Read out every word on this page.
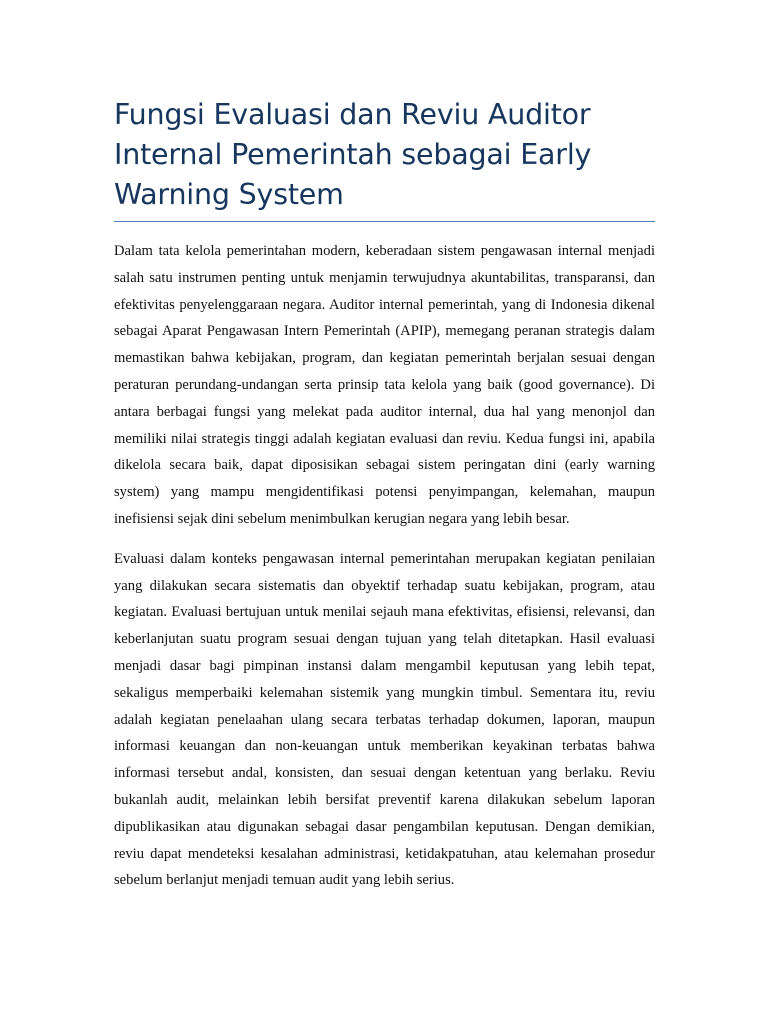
Fungsi Evaluasi dan Reviu Auditor Internal Pemerintah sebagai Early Warning System

Dalam tata kelola pemerintahan modern, keberadaan sistem pengawasan internal menjadi salah satu instrumen penting untuk menjamin terwujudnya akuntabilitas, transparansi, dan efektivitas penyelenggaraan negara. Auditor internal pemerintah, yang di Indonesia dikenal sebagai Aparat Pengawasan Intern Pemerintah (APIP), memegang peranan strategis dalam memastikan bahwa kebijakan, program, dan kegiatan pemerintah berjalan sesuai dengan peraturan perundang-undangan serta prinsip tata kelola yang baik (good governance). Di antara berbagai fungsi yang melekat pada auditor internal, dua hal yang menonjol dan memiliki nilai strategis tinggi adalah kegiatan evaluasi dan reviu. Kedua fungsi ini, apabila dikelola secara baik, dapat diposisikan sebagai sistem peringatan dini (early warning system) yang mampu mengidentifikasi potensi penyimpangan, kelemahan, maupun inefisiensi sejak dini sebelum menimbulkan kerugian negara yang lebih besar.

Evaluasi dalam konteks pengawasan internal pemerintahan merupakan kegiatan penilaian yang dilakukan secara sistematis dan obyektif terhadap suatu kebijakan, program, atau kegiatan. Evaluasi bertujuan untuk menilai sejauh mana efektivitas, efisiensi, relevansi, dan keberlanjutan suatu program sesuai dengan tujuan yang telah ditetapkan. Hasil evaluasi menjadi dasar bagi pimpinan instansi dalam mengambil keputusan yang lebih tepat, sekaligus memperbaiki kelemahan sistemik yang mungkin timbul. Sementara itu, reviu adalah kegiatan penelaahan ulang secara terbatas terhadap dokumen, laporan, maupun informasi keuangan dan non-keuangan untuk memberikan keyakinan terbatas bahwa informasi tersebut andal, konsisten, dan sesuai dengan ketentuan yang berlaku. Reviu bukanlah audit, melainkan lebih bersifat preventif karena dilakukan sebelum laporan dipublikasikan atau digunakan sebagai dasar pengambilan keputusan. Dengan demikian, reviu dapat mendeteksi kesalahan administrasi, ketidakpatuhan, atau kelemahan prosedur sebelum berlanjut menjadi temuan audit yang lebih serius.
